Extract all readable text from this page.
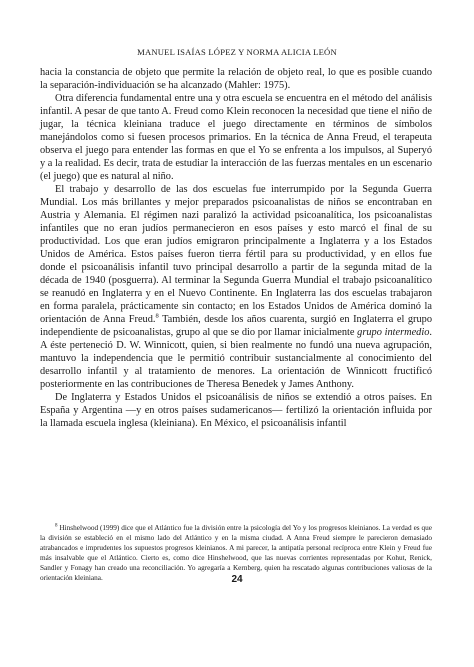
MANUEL ISAÍAS LÓPEZ Y NORMA ALICIA LEÓN

hacia la constancia de objeto que permite la relación de objeto real, lo que es posible cuando la separación-individuación se ha alcanzado (Mahler: 1975).

Otra diferencia fundamental entre una y otra escuela se encuentra en el método del análisis infantil. A pesar de que tanto A. Freud como Klein reconocen la necesidad que tiene el niño de jugar, la técnica kleiniana traduce el juego directamente en términos de símbolos manejándolos como si fuesen procesos primarios. En la técnica de Anna Freud, el terapeuta observa el juego para entender las formas en que el Yo se enfrenta a los impulsos, al Superyó y a la realidad. Es decir, trata de estudiar la interacción de las fuerzas mentales en un escenario (el juego) que es natural al niño.

El trabajo y desarrollo de las dos escuelas fue interrumpido por la Segunda Guerra Mundial. Los más brillantes y mejor preparados psicoanalistas de niños se encontraban en Austria y Alemania. El régimen nazi paralizó la actividad psicoanalítica, los psicoanalistas infantiles que no eran judíos permanecieron en esos países y esto marcó el final de su productividad. Los que eran judíos emigraron principalmente a Inglaterra y a los Estados Unidos de América. Estos países fueron tierra fértil para su productividad, y en ellos fue donde el psicoanálisis infantil tuvo principal desarrollo a partir de la segunda mitad de la década de 1940 (posguerra). Al terminar la Segunda Guerra Mundial el trabajo psicoanalítico se reanudó en Inglaterra y en el Nuevo Continente. En Inglaterra las dos escuelas trabajaron en forma paralela, prácticamente sin contacto; en los Estados Unidos de América dominó la orientación de Anna Freud.$^8$ También, desde los años cuarenta, surgió en Inglaterra el grupo independiente de psicoanalistas, grupo al que se dio por llamar inicialmente grupo intermedio. A éste perteneció D. W. Winnicott, quien, si bien realmente no fundó una nueva agrupación, mantuvo la independencia que le permitió contribuir sustancialmente al conocimiento del desarrollo infantil y al tratamiento de menores. La orientación de Winnicott fructificó posteriormente en las contribuciones de Theresa Benedek y James Anthony.

De Inglaterra y Estados Unidos el psicoanálisis de niños se extendió a otros países. En España y Argentina —y en otros países sudamericanos— fertilizó la orientación influida por la llamada escuela inglesa (kleiniana). En México, el psicoanálisis infantil

$^8$ Hinshelwood (1999) dice que el Atlántico fue la división entre la psicología del Yo y los progresos kleinianos. La verdad es que la división se estableció en el mismo lado del Atlántico y en la misma ciudad. A Anna Freud siempre le parecieron demasiado atrabancados e imprudentes los supuestos progresos kleinianos. A mi parecer, la antipatía personal recíproca entre Klein y Freud fue más insalvable que el Atlántico. Cierto es, como dice Hinshelwood, que las nuevas corrientes representadas por Kohut, Renick, Sandler y Fonagy han creado una reconciliación. Yo agregaría a Kernberg, quien ha rescatado algunas contribuciones valiosas de la orientación kleiniana.	24
